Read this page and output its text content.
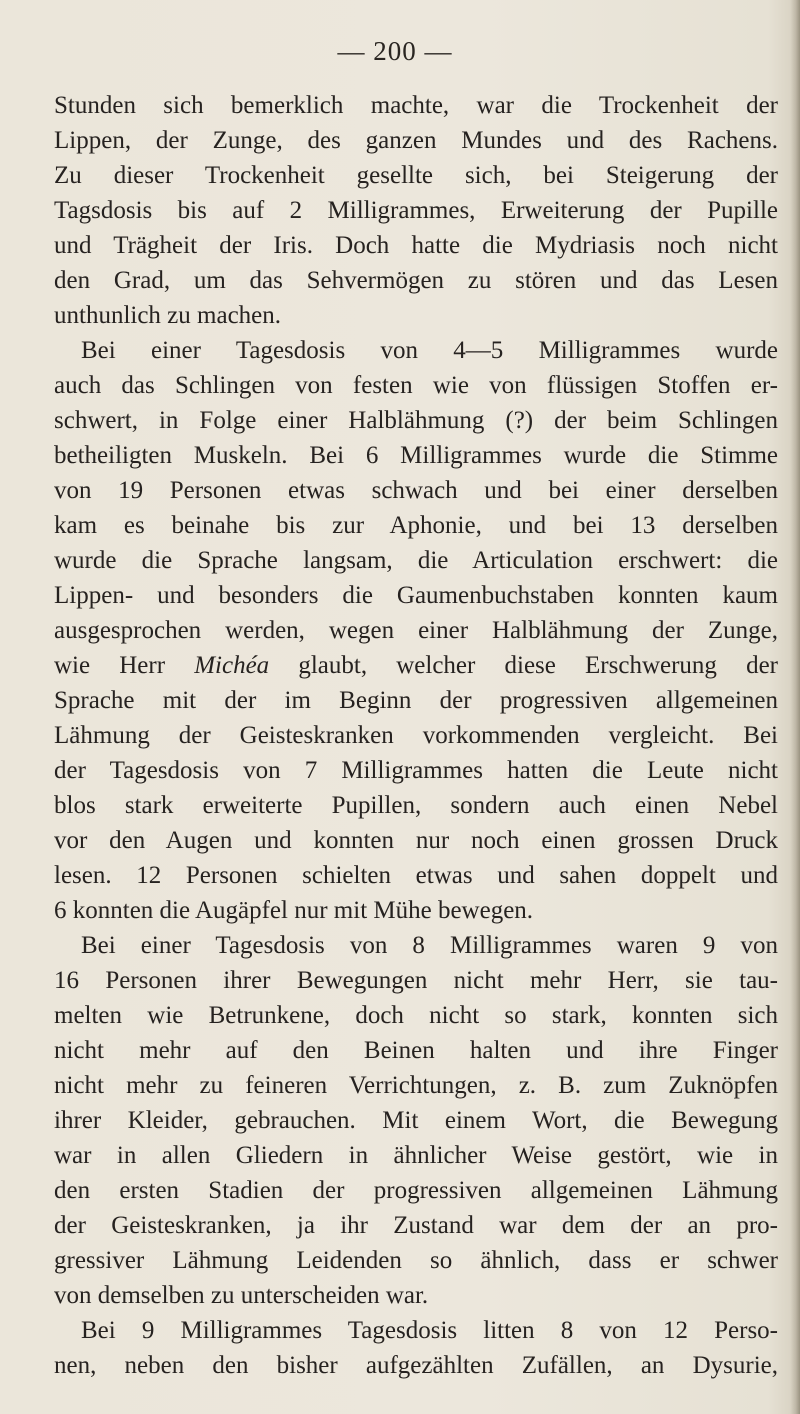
— 200 —
Stunden sich bemerklich machte, war die Trockenheit der
Lippen, der Zunge, des ganzen Mundes und des Rachens.
Zu dieser Trockenheit gesellte sich, bei Steigerung der
Tagsdosis bis auf 2 Milligrammes, Erweiterung der Pupille
und Trägheit der Iris. Doch hatte die Mydriasis noch nicht
den Grad, um das Sehvermögen zu stören und das Lesen
unthunlich zu machen.
Bei einer Tagesdosis von 4—5 Milligrammes wurde
auch das Schlingen von festen wie von flüssigen Stoffen er-
schwert, in Folge einer Halblähmung (?) der beim Schlingen
betheiligten Muskeln. Bei 6 Milligrammes wurde die Stimme
von 19 Personen etwas schwach und bei einer derselben
kam es beinahe bis zur Aphonie, und bei 13 derselben
wurde die Sprache langsam, die Articulation erschwert: die
Lippen- und besonders die Gaumenbuchstaben konnten kaum
ausgesprochen werden, wegen einer Halblähmung der Zunge,
wie Herr Michéa glaubt, welcher diese Erschwerung der
Sprache mit der im Beginn der progressiven allgemeinen
Lähmung der Geisteskranken vorkommenden vergleicht. Bei
der Tagesdosis von 7 Milligrammes hatten die Leute nicht
blos stark erweiterte Pupillen, sondern auch einen Nebel
vor den Augen und konnten nur noch einen grossen Druck
lesen. 12 Personen schielten etwas und sahen doppelt und
6 konnten die Augäpfel nur mit Mühe bewegen.
Bei einer Tagesdosis von 8 Milligrammes waren 9 von
16 Personen ihrer Bewegungen nicht mehr Herr, sie tau-
melten wie Betrunkene, doch nicht so stark, konnten sich
nicht mehr auf den Beinen halten und ihre Finger
nicht mehr zu feineren Verrichtungen, z. B. zum Zuknöpfen
ihrer Kleider, gebrauchen. Mit einem Wort, die Bewegung
war in allen Gliedern in ähnlicher Weise gestört, wie in
den ersten Stadien der progressiven allgemeinen Lähmung
der Geisteskranken, ja ihr Zustand war dem der an pro-
gressiver Lähmung Leidenden so ähnlich, dass er schwer
von demselben zu unterscheiden war.
Bei 9 Milligrammes Tagesdosis litten 8 von 12 Perso-
nen, neben den bisher aufgezählten Zufällen, an Dysurie,
